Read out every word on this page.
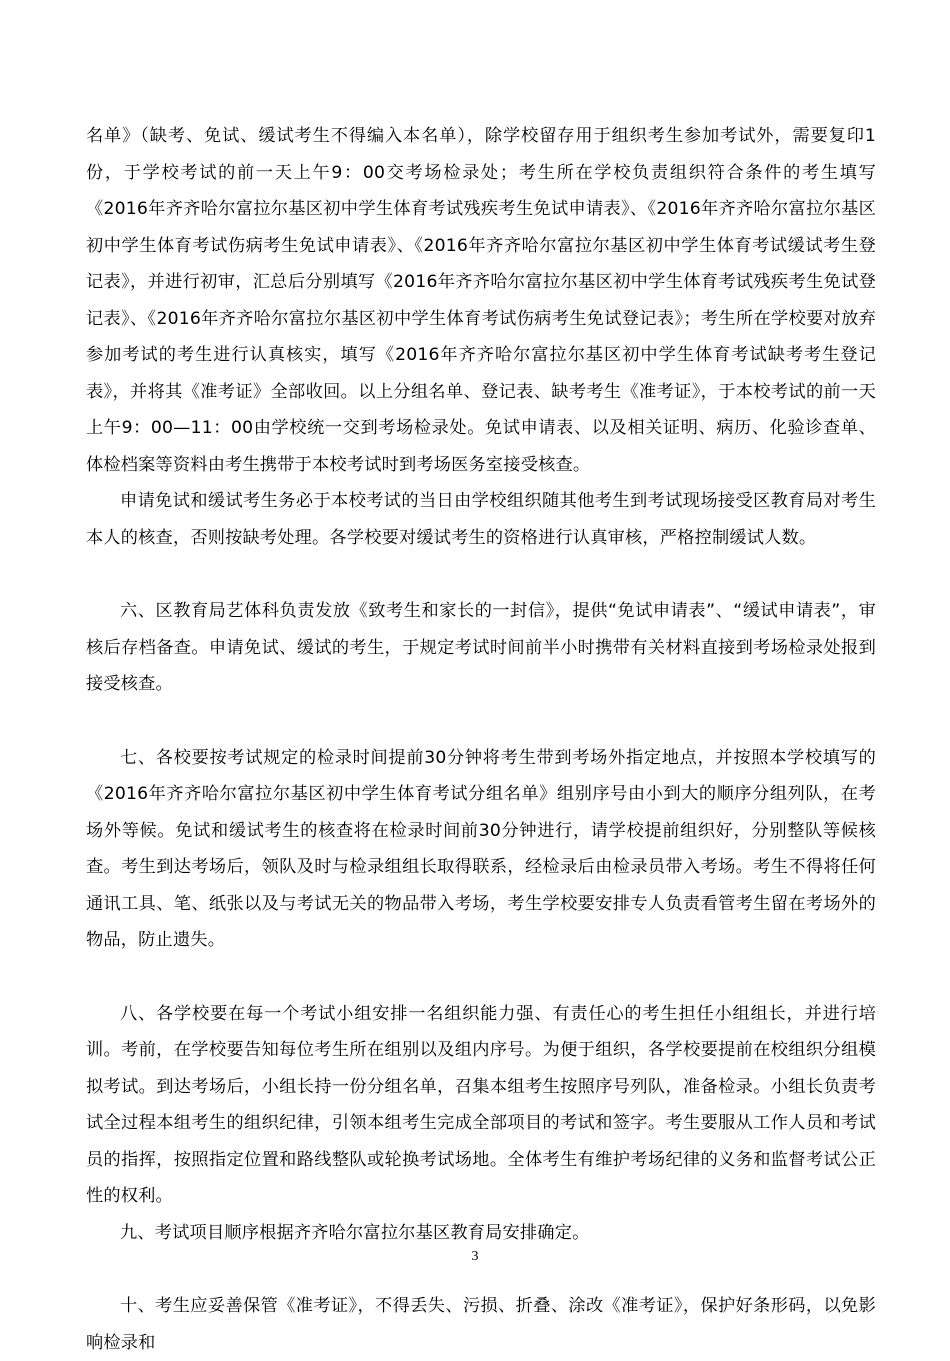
名单》（缺考、免试、缓试考生不得编入本名单），除学校留存用于组织考生参加考试外，需要复印1份，于学校考试的前一天上午9：00交考场检录处；考生所在学校负责组织符合条件的考生填写《2016年齐齐哈尔富拉尔基区初中学生体育考试残疾考生免试申请表》、《2016年齐齐哈尔富拉尔基区初中学生体育考试伤病考生免试申请表》、《2016年齐齐哈尔富拉尔基区初中学生体育考试缓试考生登记表》，并进行初审，汇总后分别填写《2016年齐齐哈尔富拉尔基区初中学生体育考试残疾考生免试登记表》、《2016年齐齐哈尔富拉尔基区初中学生体育考试伤病考生免试登记表》；考生所在学校要对放弃参加考试的考生进行认真核实，填写《2016年齐齐哈尔富拉尔基区初中学生体育考试缺考考生登记表》，并将其《准考证》全部收回。以上分组名单、登记表、缺考考生《准考证》，于本校考试的前一天上午9：00—11：00由学校统一交到考场检录处。免试申请表、以及相关证明、病历、化验诊查单、体检档案等资料由考生携带于本校考试时到考场医务室接受核查。

申请免试和缓试考生务必于本校考试的当日由学校组织随其他考生到考试现场接受区教育局对考生本人的核查，否则按缺考处理。各学校要对缓试考生的资格进行认真审核，严格控制缓试人数。

六、区教育局艺体科负责发放《致考生和家长的一封信》，提供“免试申请表”、“缓试申请表”，审核后存档备查。申请免试、缓试的考生，于规定考试时间前半小时携带有关材料直接到考场检录处报到接受核查。

七、各校要按考试规定的检录时间提前30分钟将考生带到考场外指定地点，并按照本学校填写的《2016年齐齐哈尔富拉尔基区初中学生体育考试分组名单》组别序号由小到大的顺序分组列队，在考场外等候。免试和缓试考生的核查将在检录时间前30分钟进行，请学校提前组织好，分别整队等候核查。考生到达考场后，领队及时与检录组组长取得联系，经检录后由检录员带入考场。考生不得将任何通讯工具、笔、纸张以及与考试无关的物品带入考场，考生学校要安排专人负责看管考生留在考场外的物品，防止遗失。

八、各学校要在每一个考试小组安排一名组织能力强、有责任心的考生担任小组组长，并进行培训。考前，在学校要告知每位考生所在组别以及组内序号。为便于组织，各学校要提前在校组织分组模拟考试。到达考场后，小组长持一份分组名单，召集本组考生按照序号列队，准备检录。小组长负责考试全过程本组考生的组织纪律，引领本组考生完成全部项目的考试和签字。考生要服从工作人员和考试员的指挥，按照指定位置和路线整队或轮换考试场地。全体考生有维护考场纪律的义务和监督考试公正性的权利。

九、考试项目顺序根据齐齐哈尔富拉尔基区教育局安排确定。

十、考生应妥善保管《准考证》，不得丢失、污损、折叠、涂改《准考证》，保护好条形码，以免影响检录和

3
